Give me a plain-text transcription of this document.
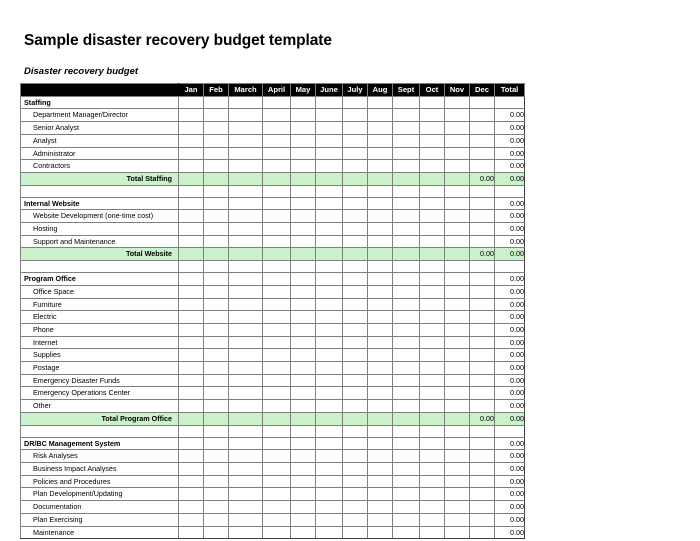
Sample disaster recovery budget template
Disaster recovery budget
	Jan	Feb	March	April	May	June	July	Aug	Sept	Oct	Nov	Dec	Total
Staffing													
Department Manager/Director													0.00
Senior Analyst													0.00
Analyst													0.00
Administrator													0.00
Contractors													0.00
Total Staffing												0.00	0.00

Internal Website													0.00
Website Development (one-time cost)													0.00
Hosting													0.00
Support and Maintenance													0.00
Total Website												0.00	0.00

Program Office													0.00
Office Space													0.00
Furniture													0.00
Electric													0.00
Phone													0.00
Internet													0.00
Supplies													0.00
Postage													0.00
Emergency Disaster Funds													0.00
Emergency Operations Center													0.00
Other													0.00
Total Program Office												0.00	0.00

DR/BC Management System													0.00
Risk Analyses													0.00
Business Impact Analyses													0.00
Policies and Procedures													0.00
Plan Development/Updating													0.00
Documentation													0.00
Plan Exercising													0.00
Maintenance													0.00
